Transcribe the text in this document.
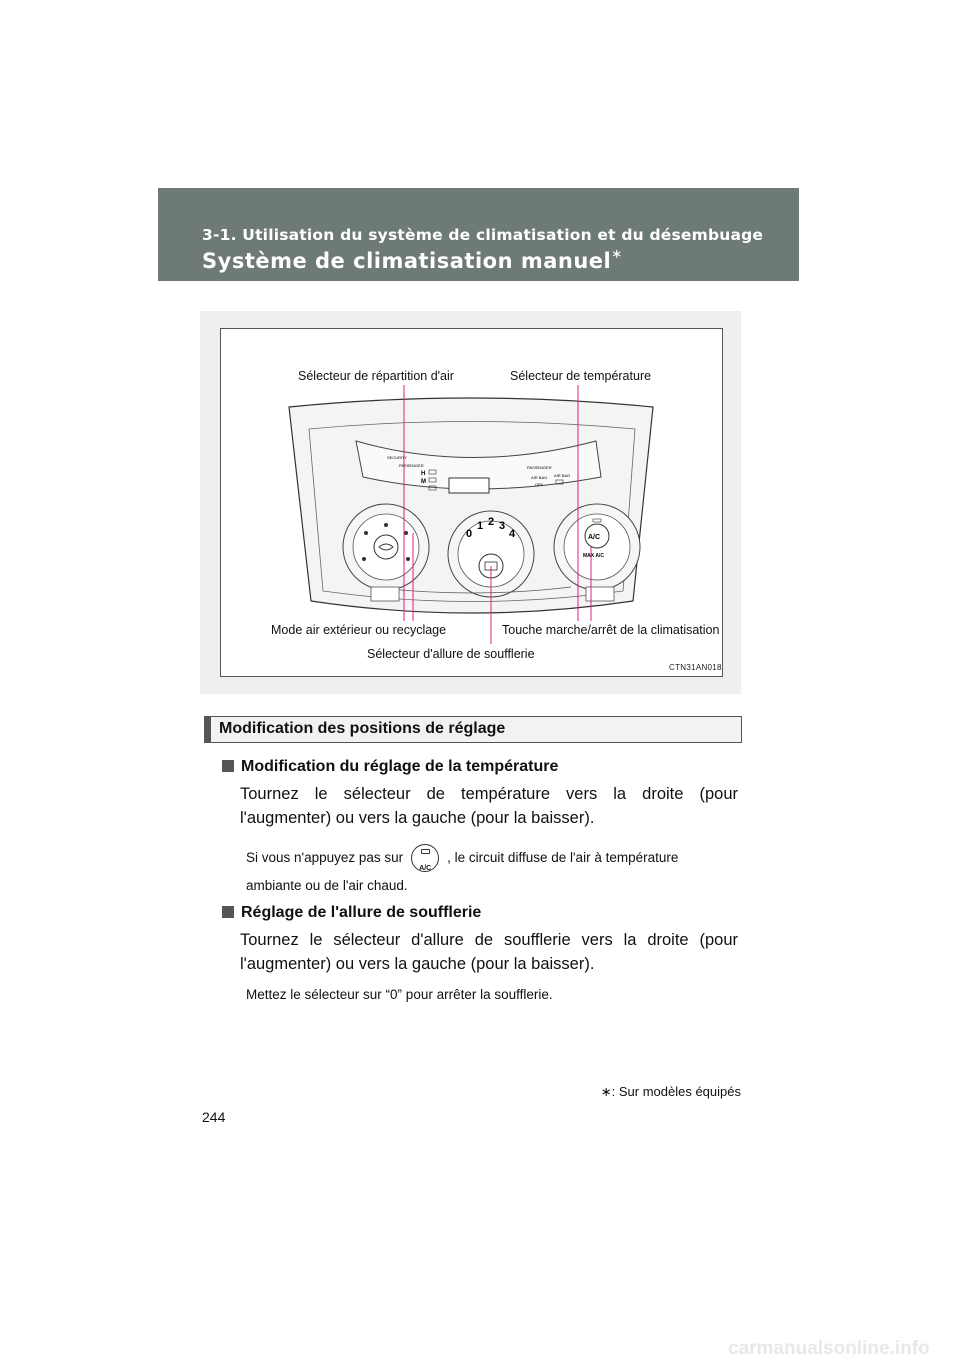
3-1. Utilisation du système de climatisation et du désembuage
Système de climatisation manuel∗
SECURITY
PASSENGER
H
M
PASSENGER
AIR BAG AIR BAG
OFF
0
1 2 3
4	A/C
MAX A/C
Sélecteur de répartition d'air	Sélecteur de température
Mode air extérieur ou recyclage	Touche marche/arrêt de la climatisation
Sélecteur d'allure de soufflerie
CTN31AN018
Modification des positions de réglage
Modification du réglage de la température
Tournez le sélecteur de température vers la droite (pour l'augmenter) ou vers la gauche (pour la baisser).
Si vous n'appuyez pas sur
A/C
, le circuit diffuse de l'air à température
ambiante ou de l'air chaud.
Réglage de l'allure de soufflerie
Tournez le sélecteur d'allure de soufflerie vers la droite (pour l'augmenter) ou vers la gauche (pour la baisser).
Mettez le sélecteur sur “0” pour arrêter la soufflerie.
∗: Sur modèles équipés
244
carmanualsonline.info
